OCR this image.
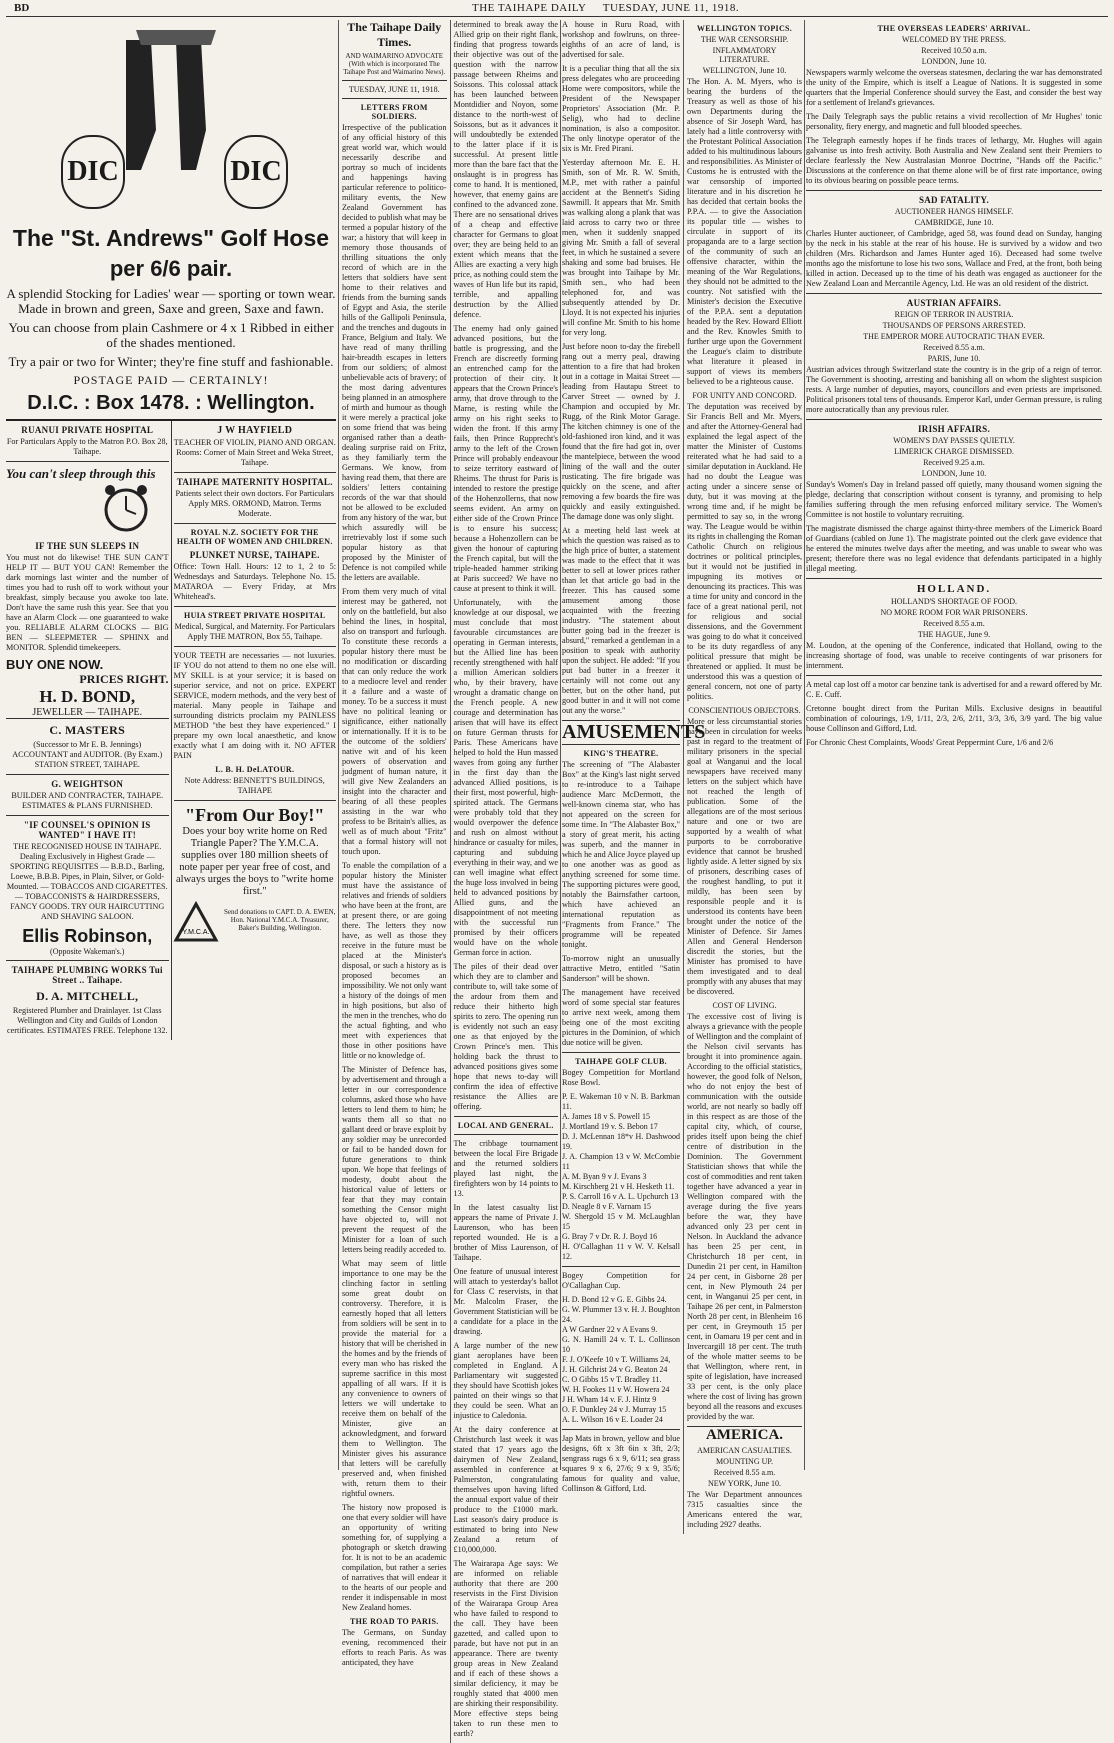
BD	THE TAIHAPE DAILY TUESDAY, JUNE 11, 1918.
DIC	DIC
The "St. Andrews" Golf Hose
per 6/6 pair.

A splendid Stocking for Ladies' wear — sporting or town wear. Made in brown and green, Saxe and green, Saxe and fawn.

You can choose from plain Cashmere or 4 x 1 Ribbed in either of the shades mentioned.

Try a pair or two for Winter; they're fine stuff and fashionable.

POSTAGE PAID — CERTAINLY!
D.I.C. : Box 1478. : Wellington.
RUANUI PRIVATE HOSPITAL

For Particulars Apply to the Matron P.O. Box 28, Taihape.

You can't sleep through this
IF THE SUN SLEEPS IN

You must not do likewise! THE SUN CAN'T HELP IT — BUT YOU CAN! Remember the dark mornings last winter and the number of times you had to rush off to work without your breakfast, simply because you awoke too late. Don't have the same rush this year. See that you have an Alarm Clock — one guaranteed to wake you. RELIABLE ALARM CLOCKS — BIG BEN — SLEEPMETER — SPHINX and MONITOR. Splendid timekeepers.

BUY ONE NOW.
PRICES RIGHT.
H. D. BOND,
JEWELLER — TAIHAPE.
C. MASTERS

(Successor to Mr E. B. Jennings) ACCOUNTANT and AUDITOR. (By Exam.) STATION STREET, TAIHAPE.

G. WEIGHTSON

BUILDER AND CONTRACTER, TAIHAPE. ESTIMATES & PLANS FURNISHED.

"IF COUNSEL'S OPINION IS WANTED" I HAVE IT!

THE RECOGNISED HOUSE IN TAIHAPE. Dealing Exclusively in Highest Grade — SPORTING REQUISITES — B.B.D., Barling, Loewe, B.B.B. Pipes, in Plain, Silver, or Gold-Mounted. — TOBACCOS AND CIGARETTES. — TOBACCONISTS & HAIRDRESSERS, FANCY GOODS. TRY OUR HAIRCUTTING AND SHAVING SALOON.

Ellis Robinson,
(Opposite Wakeman's.)
TAIHAPE PLUMBING WORKS Tui Street .. Taihape.
D. A. MITCHELL,

Registered Plumber and Drainlayer. 1st Class Wellington and City and Guilds of London certificates. ESTIMATES FREE. Telephone 132.

J W HAYFIELD

TEACHER OF VIOLIN, PIANO AND ORGAN. Rooms: Corner of Main Street and Weka Street, Taihape.

TAIHAPE MATERNITY HOSPITAL.

Patients select their own doctors. For Particulars Apply MRS. ORMOND, Matron. Terms Moderate.

ROYAL N.Z. SOCIETY FOR THE HEALTH OF WOMEN AND CHILDREN.
PLUNKET NURSE, TAIHAPE.

Office: Town Hall. Hours: 12 to 1, 2 to 5: Wednesdays and Saturdays. Telephone No. 15. MATAROA — Every Friday, at Mrs Whitehead's.

HUIA STREET PRIVATE HOSPITAL

Medical, Surgical, and Maternity. For Particulars Apply THE MATRON, Box 55, Taihape.

YOUR TEETH are necessaries — not luxuries. IF YOU do not attend to them no one else will. MY SKILL is at your service; it is based on superior service, and not on price. EXPERT SERVICE, modern methods, and the very best of material. Many people in Taihape and surrounding districts proclaim my PAINLESS METHOD "the best they have experienced." I prepare my own local anaesthetic, and know exactly what I am doing with it. NO AFTER PAIN

L. B. H. DeLATOUR.

Note Address: BENNETT'S BUILDINGS, TAIHAPE

"From Our Boy!"

Does your boy write home on Red Triangle Paper? The Y.M.C.A. supplies over 180 million sheets of note paper per year free of cost, and always urges the boys to "write home first."

Y.M.C.A.

Send donations to CAPT. D. A. EWEN, Hon. National Y.M.C.A. Treasurer, Baker's Building, Wellington.

The Taihape Daily Times.
AND WAIMARINO ADVOCATE (With which is incorporated The Taihape Post and Waimarino News).
TUESDAY, JUNE 11, 1918.
LETTERS FROM SOLDIERS.

Irrespective of the publication of any official history of this great world war, which would necessarily describe and portray so much of incidents and happenings having particular reference to politico-military events, the New Zealand Government has decided to publish what may be termed a popular history of the war; a history that will keep in memory those thousands of thrilling situations the only record of which are in the letters that soldiers have sent home to their relatives and friends from the burning sands of Egypt and Asia, the sterile hills of the Gallipoli Peninsula, and the trenches and dugouts in France, Belgium and Italy. We have read of many thrilling hair-breadth escapes in letters from our soldiers; of almost unbelievable acts of bravery; of the most daring adventures being planned in an atmosphere of mirth and humour as though it were merely a practical joke on some friend that was being organised rather than a death-dealing surprise raid on Fritz, as they familiarly term the Germans. We know, from having read them, that there are soldiers' letters containing records of the war that should not be allowed to be excluded from any history of the war, but which assuredly will be irretrievably lost if some such popular history as that proposed by the Minister of Defence is not compiled while the letters are available.

From them very much of vital interest may be gathered, not only on the battlefield, but also behind the lines, in hospital, also on transport and furlough. To constitute these records a popular history there must be no modification or discarding that can only reduce the work to a mediocre level and render it a failure and a waste of money. To be a success it must have no political leaning or significance, either nationally or internationally. If it is to be the outcome of the soldiers' native wit and of his keen powers of observation and judgment of human nature, it will give New Zealanders an insight into the character and bearing of all these peoples assisting in the war who profess to be Britain's allies, as well as of much about "Fritz" that a formal history will not touch upon.

To enable the compilation of a popular history the Minister must have the assistance of relatives and friends of soldiers who have been at the front, are at present there, or are going there. The letters they now have, as well as those they receive in the future must be placed at the Minister's disposal, or such a history as is proposed becomes an impossibility. We not only want a history of the doings of men in high positions, but also of the men in the trenches, who do the actual fighting, and who meet with experiences that those in other positions have little or no knowledge of.

The Minister of Defence has, by advertisement and through a letter in our correspondence columns, asked those who have letters to lend them to him; he wants them all so that no gallant deed or brave exploit by any soldier may be unrecorded or fail to be handed down for future generations to think upon. We hope that feelings of modesty, doubt about the historical value of letters or fear that they may contain something the Censor might have objected to, will not prevent the request of the Minister for a loan of such letters being readily acceded to.

What may seem of little importance to one may be the clinching factor in settling some great doubt on controversy. Therefore, it is earnestly hoped that all letters from soldiers will be sent in to provide the material for a history that will be cherished in the homes and by the friends of every man who has risked the supreme sacrifice in this most appalling of all wars. If it is any convenience to owners of letters we will undertake to receive them on behalf of the Minister, give an acknowledgment, and forward them to Wellington. The Minister gives his assurance that letters will be carefully preserved and, when finished with, return them to their rightful owners.

The history now proposed is one that every soldier will have an opportunity of writing something for, of supplying a photograph or sketch drawing for. It is not to be an academic compilation, but rather a series of narratives that will endear it to the hearts of our people and render it indispensable in most New Zealand homes.

THE ROAD TO PARIS.

The Germans, on Sunday evening, recommenced their efforts to reach Paris. As was anticipated, they have

determined to break away the Allied grip on their right flank, finding that progress towards their objective was out of the question with the narrow passage between Rheims and Soissons. This colossal attack has been launched between Montdidier and Noyon, some distance to the north-west of Soissons, but as it advances it will undoubtedly be extended to the latter place if it is successful. At present little more than the bare fact that the onslaught is in progress has come to hand. It is mentioned, however, that enemy gains are confined to the advanced zone. There are no sensational drives of a cheap and effective character for Germans to gloat over; they are being held to an extent which means that the Allies are exacting a very high price, as nothing could stem the waves of Hun life but its rapid, terrible, and appalling destruction by the Allied defence.

The enemy had only gained advanced positions, but the battle is progressing, and the French are discreetly forming an entrenched camp for the protection of their city. It appears that the Crown Prince's army, that drove through to the Marne, is resting while the army on his right seeks to widen the front. If this army fails, then Prince Rupprecht's army to the left of the Crown Prince will probably endeavour to seize territory eastward of Rheims. The thrust for Paris is intended to restore the prestige of the Hohenzollerns, that now seems evident. An army on either side of the Crown Prince is to ensure his success; because a Hohenzollern can be given the honour of capturing the French capital, but will the triple-headed hammer striking at Paris succeed? We have no cause at present to think it will.

Unfortunately, with the knowledge at our disposal, we must conclude that most favourable circumstances are operating in German interests, but the Allied line has been recently strengthened with half a million American soldiers who, by their bravery, have wrought a dramatic change on the French people. A new courage and determination has arisen that will have its effect on future German thrusts for Paris. These Americans have helped to hold the Hun massed waves from going any further in the first day than the advanced Allied positions, is their first, most powerful, high-spirited attack. The Germans were probably told that they would overpower the defence and rush on almost without hindrance or casualty for miles, capturing and subduing everything in their way, and we can well imagine what effect the huge loss involved in being held to advanced positions by Allied guns, and the disappointment of not meeting with the successful run promised by their officers would have on the whole German force in action.

The piles of their dead over which they are to clamber and contribute to, will take some of the ardour from them and reduce their hitherto high spirits to zero. The opening run is evidently not such an easy one as that enjoyed by the Crown Prince's men. This holding back the thrust to advanced positions gives some hope that news to-day will confirm the idea of effective resistance the Allies are offering.

LOCAL AND GENERAL.

The cribbage tournament between the local Fire Brigade and the returned soldiers played last night, the firefighters won by 14 points to 13.

In the latest casualty list appears the name of Private J. Laurenson, who has been reported wounded. He is a brother of Miss Laurenson, of Taihape.

One feature of unusual interest will attach to yesterday's ballot for Class C reservists, in that Mr. Malcolm Fraser, the Government Statistician will be a candidate for a place in the drawing.

A large number of the new giant aeroplanes have been completed in England. A Parliamentary wit suggested they should have Scottish jokes painted on their wings so that they could be seen. What an injustice to Caledonia.

At the dairy conference at Christchurch last week it was stated that 17 years ago the dairymen of New Zealand, assembled in conference at Palmerston, congratulating themselves upon having lifted the annual export value of their produce to the £1000 mark. Last season's dairy produce is estimated to bring into New Zealand a return of £10,000,000.

The Wairarapa Age says: We are informed on reliable authority that there are 200 reservists in the First Division of the Wairarapa Group Area who have failed to respond to the call. They have been gazetted, and called upon to parade, but have not put in an appearance. There are twenty group areas in New Zealand and if each of these shows a similar deficiency, it may be roughly stated that 4000 men are shirking their responsibility. More effective steps being taken to run these men to earth?

A house in Ruru Road, with workshop and fowlruns, on three-eighths of an acre of land, is advertised for sale.

It is a peculiar thing that all the six press delegates who are proceeding Home were compositors, while the President of the Newspaper Proprietors' Association (Mr. P. Selig), who had to decline nomination, is also a compositor. The only linotype operator of the six is Mr. Fred Pirani.

Yesterday afternoon Mr. E. H. Smith, son of Mr. R. W. Smith, M.P., met with rather a painful accident at the Bennett's Siding Sawmill. It appears that Mr. Smith was walking along a plank that was laid across to carry two or three men, when it suddenly snapped giving Mr. Smith a fall of several feet, in which he sustained a severe shaking and some bad bruises. He was brought into Taihape by Mr. Smith sen., who had been telephoned for, and was subsequently attended by Dr. Lloyd. It is not expected his injuries will confine Mr. Smith to his home for very long.

Just before noon to-day the firebell rang out a merry peal, drawing attention to a fire that had broken out in a cottage in Maitai Street — leading from Hautapu Street to Carver Street — owned by J. Champion and occupied by Mr. Rugg, of the Rink Motor Garage. The kitchen chimney is one of the old-fashioned iron kind, and it was found that the fire had got in, over the mantelpiece, between the wood lining of the wall and the outer rusticating. The fire brigade was quickly on the scene, and after removing a few boards the fire was quickly and easily extinguished. The damage done was only slight.

At a meeting held last week at which the question was raised as to the high price of butter, a statement was made to the effect that it was better to sell at lower prices rather than let that article go bad in the freezer. This has caused some amusement among those acquainted with the freezing industry. "The statement about butter going bad in the freezer is absurd," remarked a gentleman in a position to speak with authority upon the subject. He added: "If you put bad butter in a freezer it certainly will not come out any better, but on the other hand, put good butter in and it will not come out any the worse."

AMUSEMENTS
KING'S THEATRE.

The screening of "The Alabaster Box" at the King's last night served to re-introduce to a Taihape audience Marc McDermott, the well-known cinema star, who has not appeared on the screen for some time. In "The Alabaster Box," a story of great merit, his acting was superb, and the manner in which he and Alice Joyce played up to one another was as good as anything screened for some time. The supporting pictures were good, notably the Bairnsfather cartoon, which have achieved an international reputation as "Fragments from France." The programme will be repeated tonight.

To-morrow night an unusually attractive Metro, entitled "Satin Sanderson" will be shown.

The management have received word of some special star features to arrive next week, among them being one of the most exciting pictures in the Dominion, of which due notice will be given.

TAIHAPE GOLF CLUB.

Bogey Competition for Mortland Rose Bowl.

P. E. Wakeman 10 v N. B. Barkman 11.

A. James 18 v S. Powell 15

J. Mortland 19 v. S. Bebon 17

D. J. McLennan 18*v H. Dashwood 19.

J. A. Champion 13 v W. McCombie 11

A. M. Byan 9 v J. Evans 3

M. Kirschberg 21 v H. Hesketh 11.

P. S. Carroll 16 v A. L. Upchurch 13

D. Neagle 8 v F. Varnam 15

W. Shergold 15 v M. McLaughlan 15

G. Bray 7 v Dr. R. J. Boyd 16

H. O'Callaghan 11 v W. V. Kelsall 12.

Bogey Competition for O'Callaghan Cup.

H. D. Bond 12 v G. E. Gibbs 24.

G. W. Plummer 13 v. H. J. Boughton 24.

A W Gardner 22 v A Evans 9.

G. N. Hamill 24 v. T. L. Collinson 10

F. J. O'Keefe 10 v T. Williams 24,

J. H. Gilchrist 24 v G. Beaton 24

C. O Gibbs 15 v T. Bradley 11.

W. H. Fookes 11 v W. Howera 24

J H. Wham 14 v. F. J. Hintz 9

O. F. Dunkley 24 v J. Murray 15

A. L. Wilson 16 v E. Loader 24

Jap Mats in brown, yellow and blue designs, 6ft x 3ft 6in x 3ft, 2/3; sengrass rugs 6 x 9, 6/11; sea grass squares 9 x 6, 27/6; 9 x 9, 35/6; famous for quality and value, Collinson & Gifford, Ltd.

WELLINGTON TOPICS.
THE WAR CENSORSHIP.
INFLAMMATORY LITERATURE.
WELLINGTON, June 10.

The Hon. A. M. Myers, who is bearing the burdens of the Treasury as well as those of his own Departments during the absence of Sir Joseph Ward, has lately had a little controversy with the Protestant Political Association added to his multitudinous labours and responsibilities. As Minister of Customs he is entrusted with the war censorship of imported literature and in his discretion he has decided that certain books the P.P.A. — to give the Association its popular title — wishes to circulate in support of its propaganda are to a large section of the community of such an offensive character, within the meaning of the War Regulations, they should not be admitted to the country. Not satisfied with the Minister's decision the Executive of the P.P.A. sent a deputation headed by the Rev. Howard Elliott and the Rev. Knowles Smith to further urge upon the Government the League's claim to distribute what literature it pleased in support of views its members believed to be a righteous cause.

FOR UNITY AND CONCORD.

The deputation was received by Sir Francis Bell and Mr. Myers, and after the Attorney-General had explained the legal aspect of the matter the Minister of Customs reiterated what he had said to a similar deputation in Auckland. He had no doubt the League was acting under a sincere sense of duty, but it was moving at the wrong time and, if he might be permitted to say so, in the wrong way. The League would be within its rights in challenging the Roman Catholic Church on religious doctrines or political principles, but it would not be justified in impugning its motives or denouncing its practices. This was a time for unity and concord in the face of a great national peril, not for religious and social dissensions, and the Government was going to do what it conceived to be its duty regardless of any political pressure that might be threatened or applied. It must be understood this was a question of general concern, not one of party politics.

CONSCIENTIOUS OBJECTORS.

More or less circumstantial stories have been in circulation for weeks past in regard to the treatment of military prisoners in the special goal at Wanganui and the local newspapers have received many letters on the subject which have not reached the length of publication. Some of the allegations are of the most serious nature and one or two are supported by a wealth of what purports to be corroborative evidence that cannot be brushed lightly aside. A letter signed by six of prisoners, describing cases of the roughest handling, to put it mildly, has been seen by responsible people and it is understood its contents have been brought under the notice of the Minister of Defence. Sir James Allen and General Henderson discredit the stories, but the Minister has promised to have them investigated and to deal promptly with any abuses that may be discovered.

COST OF LIVING.

The excessive cost of living is always a grievance with the people of Wellington and the complaint of the Nelson civil servants has brought it into prominence again. According to the official statistics, however, the good folk of Nelson, who do not enjoy the best of communication with the outside world, are not nearly so badly off in this respect as are those of the capital city, which, of course, prides itself upon being the chief centre of distribution in the Dominion. The Government Statistician shows that while the cost of commodities and rent taken together have advanced a year in Wellington compared with the average during the five years before the war, they have advanced only 23 per cent in Nelson. In Auckland the advance has been 25 per cent, in Christchurch 18 per cent, in Dunedin 21 per cent, in Hamilton 24 per cent, in Gisborne 28 per cent, in New Plymouth 24 per cent, in Wanganui 25 per cent, in Taihape 26 per cent, in Palmerston North 28 per cent, in Blenheim 16 per cent, in Greymouth 15 per cent, in Oamaru 19 per cent and in Invercargill 18 per cent. The truth of the whole matter seems to be that Wellington, where rent, in spite of legislation, have increased 33 per cent, is the only place where the cost of living has grown beyond all the reasons and excuses provided by the war.

AMERICA.
AMERICAN CASUALTIES.
MOUNTING UP.
Received 8.55 a.m.
NEW YORK, June 10.

The War Department announces 7315 casualties since the Americans entered the war, including 2927 deaths.

THE OVERSEAS LEADERS' ARRIVAL.
WELCOMED BY THE PRESS.
Received 10.50 a.m.
LONDON, June 10.

Newspapers warmly welcome the overseas statesmen, declaring the war has demonstrated the unity of the Empire, which is itself a League of Nations. It is suggested in some quarters that the Imperial Conference should survey the East, and consider the best way for a settlement of Ireland's grievances.

The Daily Telegraph says the public retains a vivid recollection of Mr Hughes' tonic personality, fiery energy, and magnetic and full blooded speeches.

The Telegraph earnestly hopes if he finds traces of lethargy, Mr. Hughes will again galvanise us into fresh activity. Both Australia and New Zealand sent their Premiers to declare fearlessly the New Australasian Monroe Doctrine, "Hands off the Pacific." Discussions at the conference on that theme alone will be of first rate importance, owing to its obvious bearing on possible peace terms.

SAD FATALITY.
AUCTIONEER HANGS HIMSELF.
CAMBRIDGE, June 10.

Charles Hunter auctioneer, of Cambridge, aged 58, was found dead on Sunday, hanging by the neck in his stable at the rear of his house. He is survived by a widow and two children (Mrs. Richardson and James Hunter aged 16). Deceased had some twelve months ago the misfortune to lose his two sons, Wallace and Fred, at the front, both being killed in action. Deceased up to the time of his death was engaged as auctioneer for the New Zealand Loan and Mercantile Agency, Ltd. He was an old resident of the district.

AUSTRIAN AFFAIRS.
REIGN OF TERROR IN AUSTRIA.
THOUSANDS OF PERSONS ARRESTED.
THE EMPEROR MORE AUTOCRATIC THAN EVER.
Received 8.55 a.m.
PARIS, June 10.

Austrian advices through Switzerland state the country is in the grip of a reign of terror. The Government is shooting, arresting and banishing all on whom the slightest suspicion rests. A large number of deputies, mayors, councillors and even priests are imprisoned. Political prisoners total tens of thousands. Emperor Karl, under German pressure, is ruling more autocratically than any previous ruler.

IRISH AFFAIRS.
WOMEN'S DAY PASSES QUIETLY.
LIMERICK CHARGE DISMISSED.
Received 9.25 a.m.
LONDON, June 10.

Sunday's Women's Day in Ireland passed off quietly, many thousand women signing the pledge, declaring that conscription without consent is tyranny, and promising to help families suffering through the men refusing enforced military service. The Women's Committee is not hostile to voluntary recruiting.

The magistrate dismissed the charge against thirty-three members of the Limerick Board of Guardians (cabled on June 1). The magistrate pointed out the clerk gave evidence that he entered the minutes twelve days after the meeting, and was unable to swear who was present; therefore there was no legal evidence that defendants participated in a highly illegal meeting.

HOLLAND.
HOLLAND'S SHORTAGE OF FOOD.
NO MORE ROOM FOR WAR PRISONERS.
Received 8.55 a.m.
THE HAGUE, June 9.

M. Loudon, at the opening of the Conference, indicated that Holland, owing to the increasing shortage of food, was unable to receive contingents of war prisoners for internment.

A metal cap lost off a motor car benzine tank is advertised for and a reward offered by Mr. C. E. Cuff.

Cretonne bought direct from the Puritan Mills. Exclusive designs in beautiful combination of colourings, 1/9, 1/11, 2/3, 2/6, 2/11, 3/3, 3/6, 3/9 yard. The big value house Collinson and Gifford, Ltd.

For Chronic Chest Complaints, Woods' Great Peppermint Cure, 1/6 and 2/6
